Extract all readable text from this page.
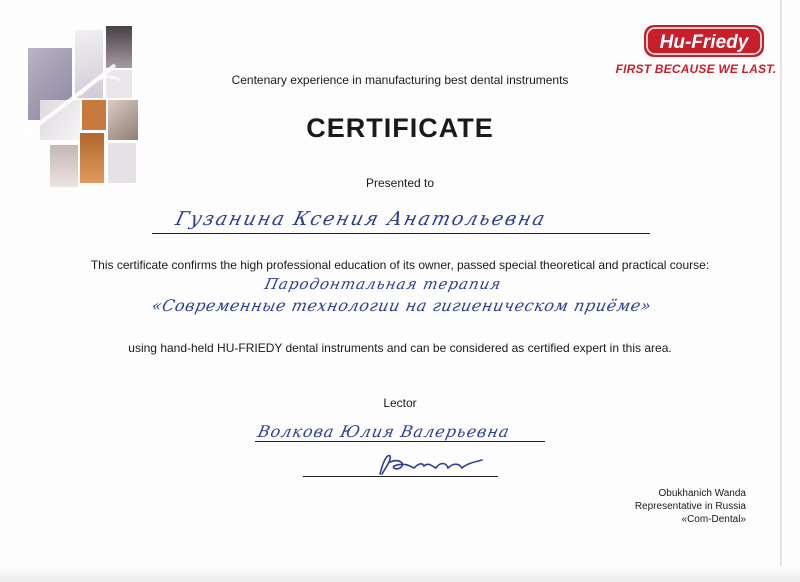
Hu-Friedy
FIRST BECAUSE WE LAST.
Centenary experience in manufacturing best dental instruments
CERTIFICATE
Presented to
Гузанина Ксения Анатольевна
This certificate confirms the high professional education of its owner, passed special theoretical and practical course:
Пародонтальная терапия
«Современные технологии на гигиеническом приёме»
using hand-held HU-FRIEDY dental instruments and can be considered as certified expert in this area.
Lector
Волкова Юлия Валерьевна
Obukhanich Wanda
Representative in Russia
«Com-Dental»
